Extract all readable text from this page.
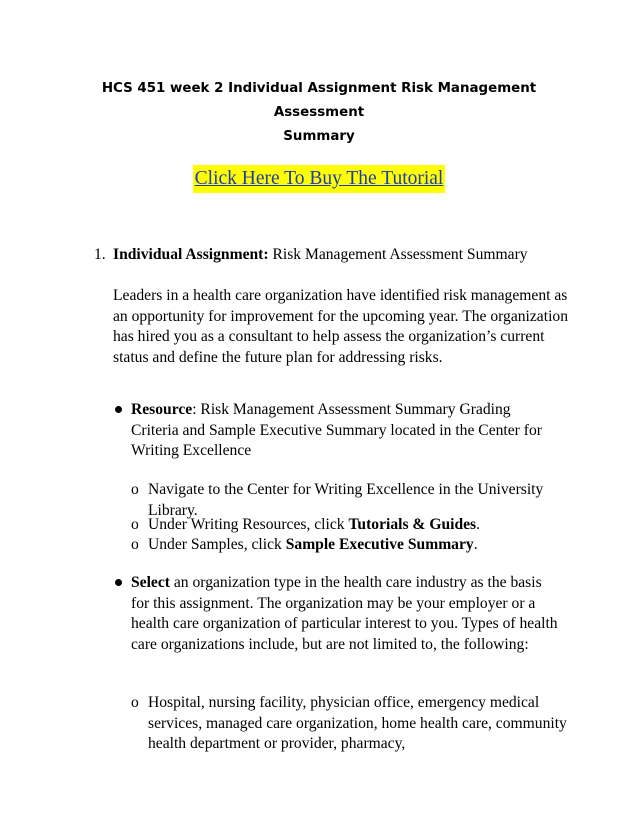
HCS 451 week 2 Individual Assignment Risk Management Assessment
Summary
Click Here To Buy The Tutorial
1. Individual Assignment: Risk Management Assessment Summary
Leaders in a health care organization have identified risk management as an opportunity for improvement for the upcoming year. The organization has hired you as a consultant to help assess the organization’s current status and define the future plan for addressing risks.
Resource: Risk Management Assessment Summary Grading Criteria and Sample Executive Summary located in the Center for Writing Excellence
o Navigate to the Center for Writing Excellence in the University Library.
o Under Writing Resources, click Tutorials & Guides.
o Under Samples, click Sample Executive Summary.
Select an organization type in the health care industry as the basis for this assignment. The organization may be your employer or a health care organization of particular interest to you. Types of health care organizations include, but are not limited to, the following:
o Hospital, nursing facility, physician office, emergency medical services, managed care organization, home health care, community health department or provider, pharmacy,
